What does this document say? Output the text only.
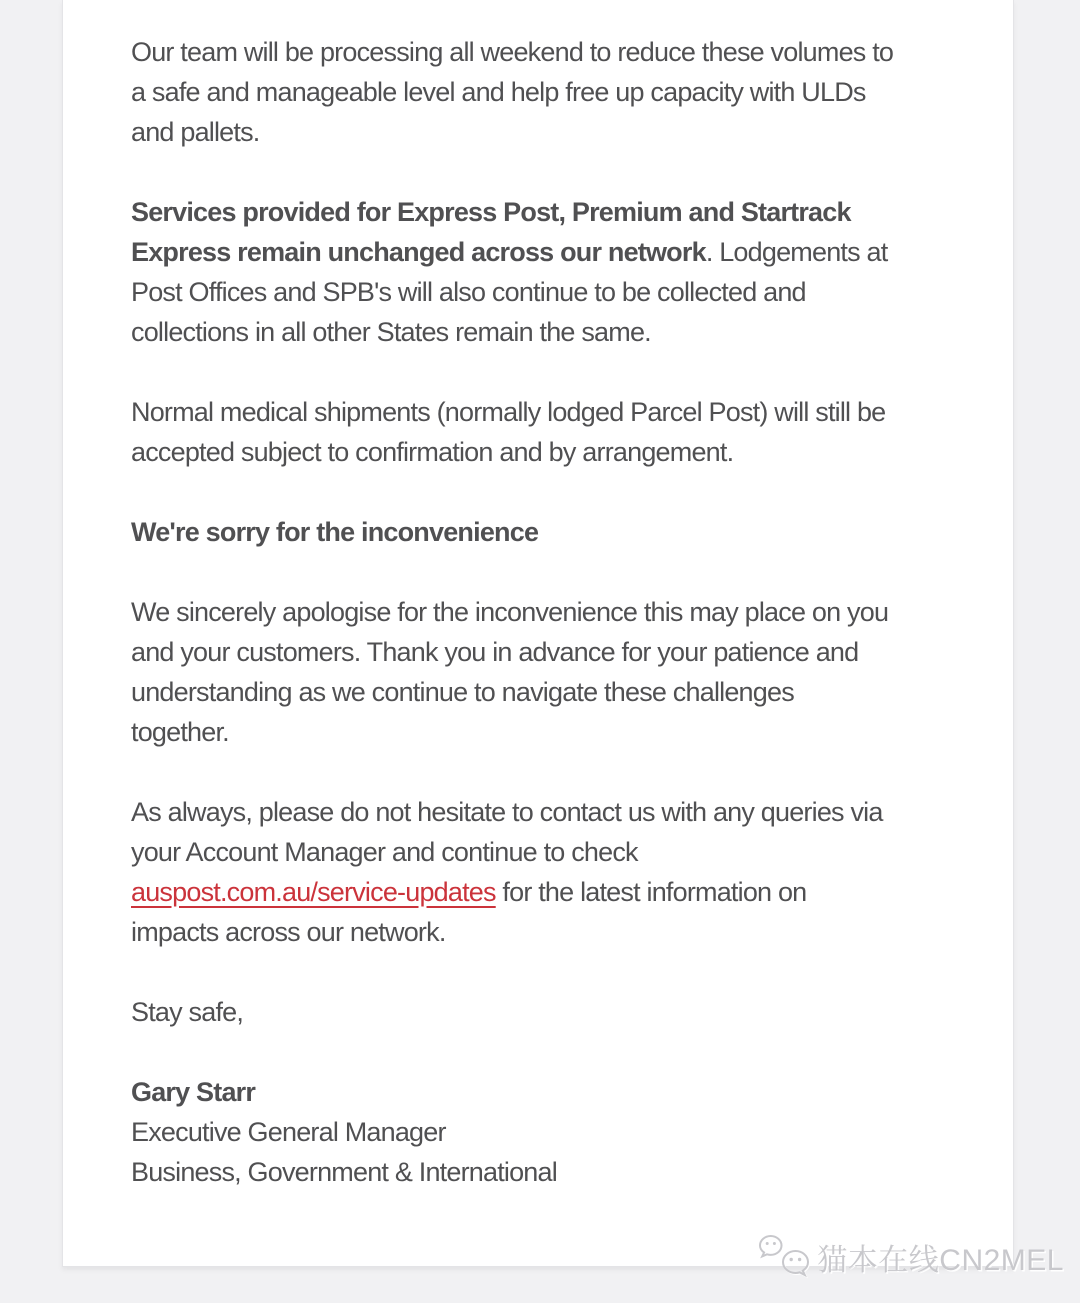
Our team will be processing all weekend to reduce these volumes to
a safe and manageable level and help free up capacity with ULDs
and pallets.
Services provided for Express Post, Premium and Startrack
Express remain unchanged across our network. Lodgements at
Post Offices and SPB's will also continue to be collected and
collections in all other States remain the same.
Normal medical shipments (normally lodged Parcel Post) will still be
accepted subject to confirmation and by arrangement.
We're sorry for the inconvenience
We sincerely apologise for the inconvenience this may place on you
and your customers. Thank you in advance for your patience and
understanding as we continue to navigate these challenges
together.
As always, please do not hesitate to contact us with any queries via
your Account Manager and continue to check
auspost.com.au/service-updates for the latest information on
impacts across our network.
Stay safe,
Gary Starr
Executive General Manager
Business, Government & International
猫本在线CN2MEL
